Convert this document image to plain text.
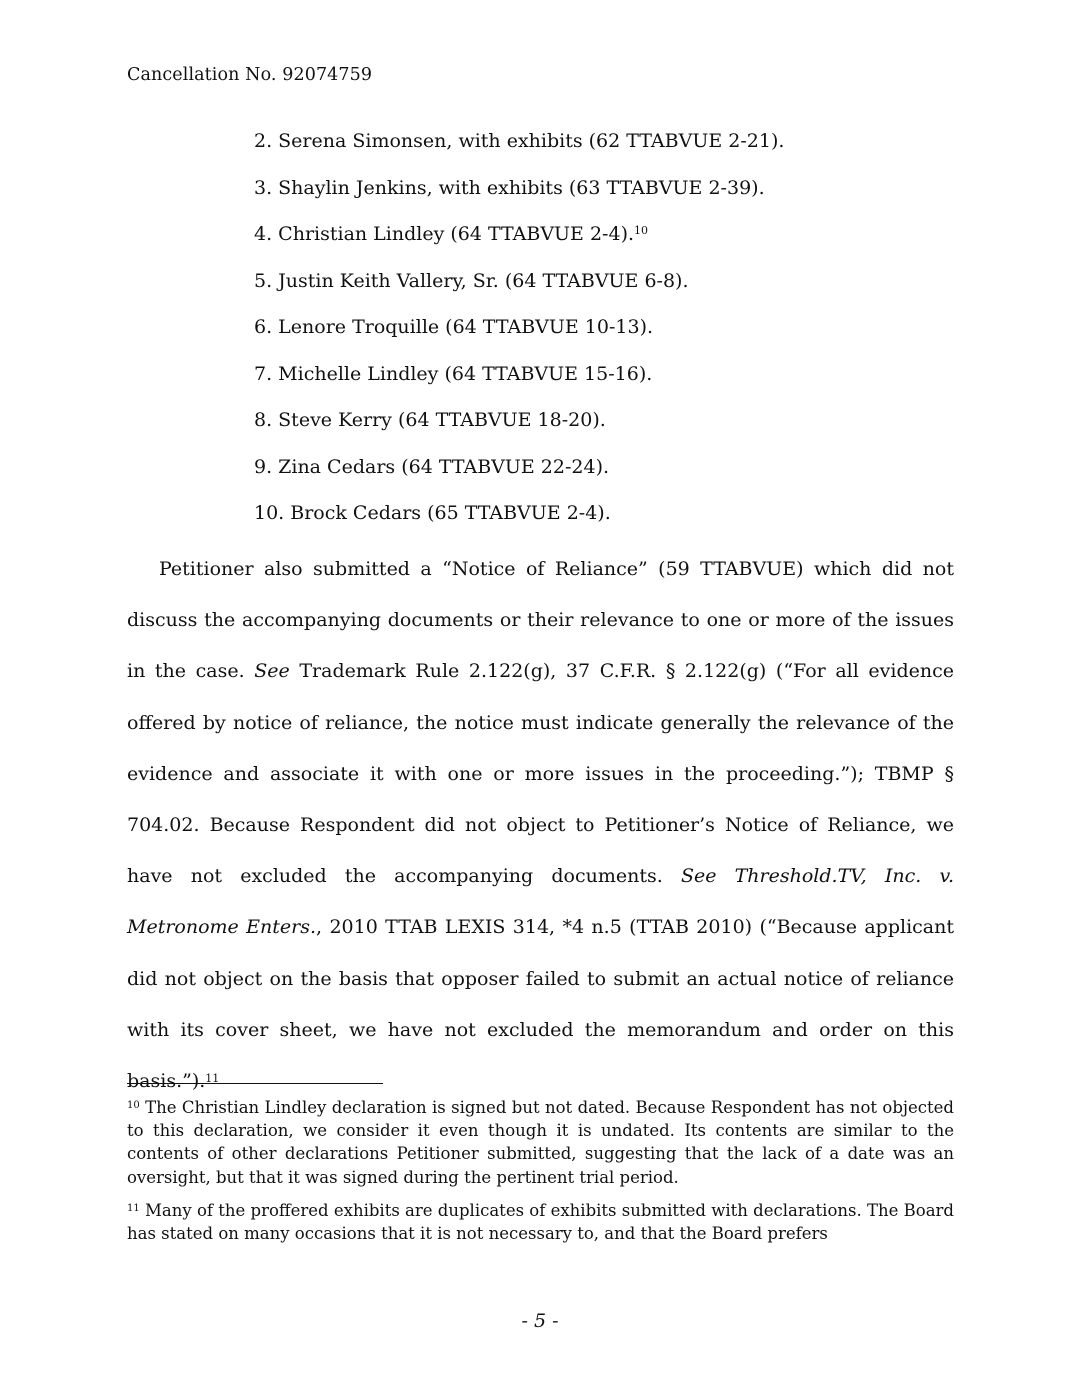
Cancellation No. 92074759
2. Serena Simonsen, with exhibits (62 TTABVUE 2-21).
3. Shaylin Jenkins, with exhibits (63 TTABVUE 2-39).
4. Christian Lindley (64 TTABVUE 2-4).$^{10}$
5. Justin Keith Vallery, Sr. (64 TTABVUE 6-8).
6. Lenore Troquille (64 TTABVUE 10-13).
7. Michelle Lindley (64 TTABVUE 15-16).
8. Steve Kerry (64 TTABVUE 18-20).
9. Zina Cedars (64 TTABVUE 22-24).
10. Brock Cedars (65 TTABVUE 2-4).

Petitioner also submitted a “Notice of Reliance” (59 TTABVUE) which did not discuss the accompanying documents or their relevance to one or more of the issues in the case. See Trademark Rule 2.122(g), 37 C.F.R. § 2.122(g) (“For all evidence offered by notice of reliance, the notice must indicate generally the relevance of the evidence and associate it with one or more issues in the proceeding.”); TBMP § 704.02. Because Respondent did not object to Petitioner’s Notice of Reliance, we have not excluded the accompanying documents. See Threshold.TV, Inc. v. Metronome Enters., 2010 TTAB LEXIS 314, *4 n.5 (TTAB 2010) (“Because applicant did not object on the basis that opposer failed to submit an actual notice of reliance with its cover sheet, we have not excluded the memorandum and order on this basis.”).$^{11}$

$^{10}$ The Christian Lindley declaration is signed but not dated. Because Respondent has not objected to this declaration, we consider it even though it is undated. Its contents are similar to the contents of other declarations Petitioner submitted, suggesting that the lack of a date was an oversight, but that it was signed during the pertinent trial period.

$^{11}$ Many of the proffered exhibits are duplicates of exhibits submitted with declarations. The Board has stated on many occasions that it is not necessary to, and that the Board prefers

- 5 -
